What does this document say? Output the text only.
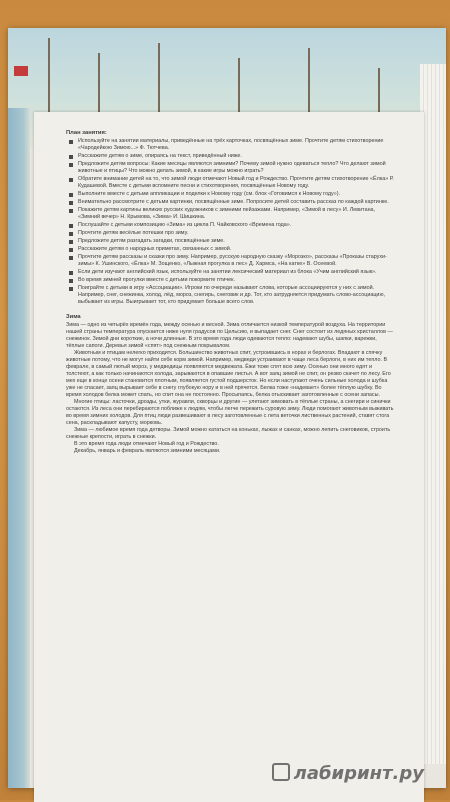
План занятия:
Используйте на занятии материалы, приведённые на трёх карточках, посвящённых зиме. Прочтите детям стихотворение «Чародейкою Зимою...» Ф. Тютчева.
Расскажите детям о зиме, опираясь на текст, приведённый ниже.
Предложите детям вопросы: Какие месяцы являются зимними? Почему зимой нужно одеваться тепло? Что делают зимой животные и птицы? Что можно делать зимой, в какие игры можно играть?
Обратите внимание детей на то, что зимой люди отмечают Новый год и Рождество. Прочтите детям стихотворение «Ёлка» Р. Кудашевой. Вместе с детьми вспомните песни и стихотворения, посвящённые Новому году.
Выполните вместе с детьми аппликации и поделки к Новому году (см. блок «Готовимся к Новому году»).
Внимательно рассмотрите с детьми картинки, посвящённые зиме. Попросите детей составить рассказ по каждой картинке.
Покажите детям картины великих русских художников с зимними пейзажами. Например, «Зимой в лесу» И. Левитана, «Зимний вечер» Н. Крымова, «Зима» И. Шишкина.
Послушайте с детьми композицию «Зима» из цикла П. Чайковского «Времена года».
Прочтите детям весёлые потешки про зиму.
Предложите детям разгадать загадки, посвящённые зиме.
Расскажите детям о народных приметах, связанных с зимой.
Прочтите детям рассказы и сказки про зиму. Например, русскую народную сказку «Морозко», рассказы «Проказы старухи-зимы» К. Ушинского, «Ёлка» М. Зощенко, «Лыжная прогулка в лес» Д. Хармса, «На катке» В. Осеевой.
Если дети изучают английский язык, используйте на занятии лексический материал из блока «Учим английский язык».
Во время зимней прогулки вместе с детьми покормите птичек.
Поиграйте с детьми в игру «Ассоциации». Игроки по очереди называют слова, которые ассоциируются у них с зимой. Например, снег, снежинка, холод, лёд, мороз, снегирь, снеговик и др. Тот, кто затрудняется придумать слово-ассоциацию, выбывает из игры. Выигрывает тот, кто придумает больше всего слов.
Зима

Зима — одно из четырёх времён года, между осенью и весной. Зима отличается низкой температурой воздуха. На территории нашей страны температура опускается ниже нуля градусов по Цельсию, и выпадает снег. Снег состоит из ледяных кристаллов — снежинок. Зимой дни короткие, а ночи длинные. В это время года люди одеваются тепло: надевают шубы, шапки, варежки, тёплые сапоги. Деревья зимой «спят» под снежным покрывалом.

Животным и птицам нелегко приходится. Большинство животных спит, устроившись в норах и берлогах. Впадают в спячку животные потому, что не могут найти себе корм зимой. Например, медведи устраивают в чаще леса берлоги, в них им тепло. В феврале, в самый лютый мороз, у медведицы появляются медвежата. Ёжи тоже спят всю зиму. Осенью они много едят и толстеют, а как только начинаются холода, зарываются в опавшие листья. А вот заяц зимой не спит, он резво скачет по лесу. Его мех еще в конце осени становится плотным, появляется густой подшерсток. Но если наступают очень сильные холода и шубка уже не спасает, заяц вырывает себе в снегу глубокую нору и в ней прячется. Белка тоже «надевает» более тёплую шубку. Во время холодов белка может спать, но спит она не постоянно. Просыпаясь, белка отыскивает заготовленные с осени запасы.

Многие птицы: ласточки, дрозды, утки, журавли, скворцы и другие — улетают зимовать в тёплые страны, а снегири и синички остаются. Из леса они перебираются поближе к людям, чтобы легче пережить суровую зиму. Люди помогают животным выживать во время зимних холодов. Для птиц люди развешивают в лесу заготовленные с лета веточки лиственных растений, ставят стога сена, раскладывают капусту, морковь.

Зима — любимое время года детворы. Зимой можно кататься на коньках, лыжах и санках, можно лепить снеговиков, строить снежные крепости, играть в снежки.

В это время года люди отмечают Новый год и Рождество.

Декабрь, январь и февраль являются зимними месяцами.

лабиринт.ру
